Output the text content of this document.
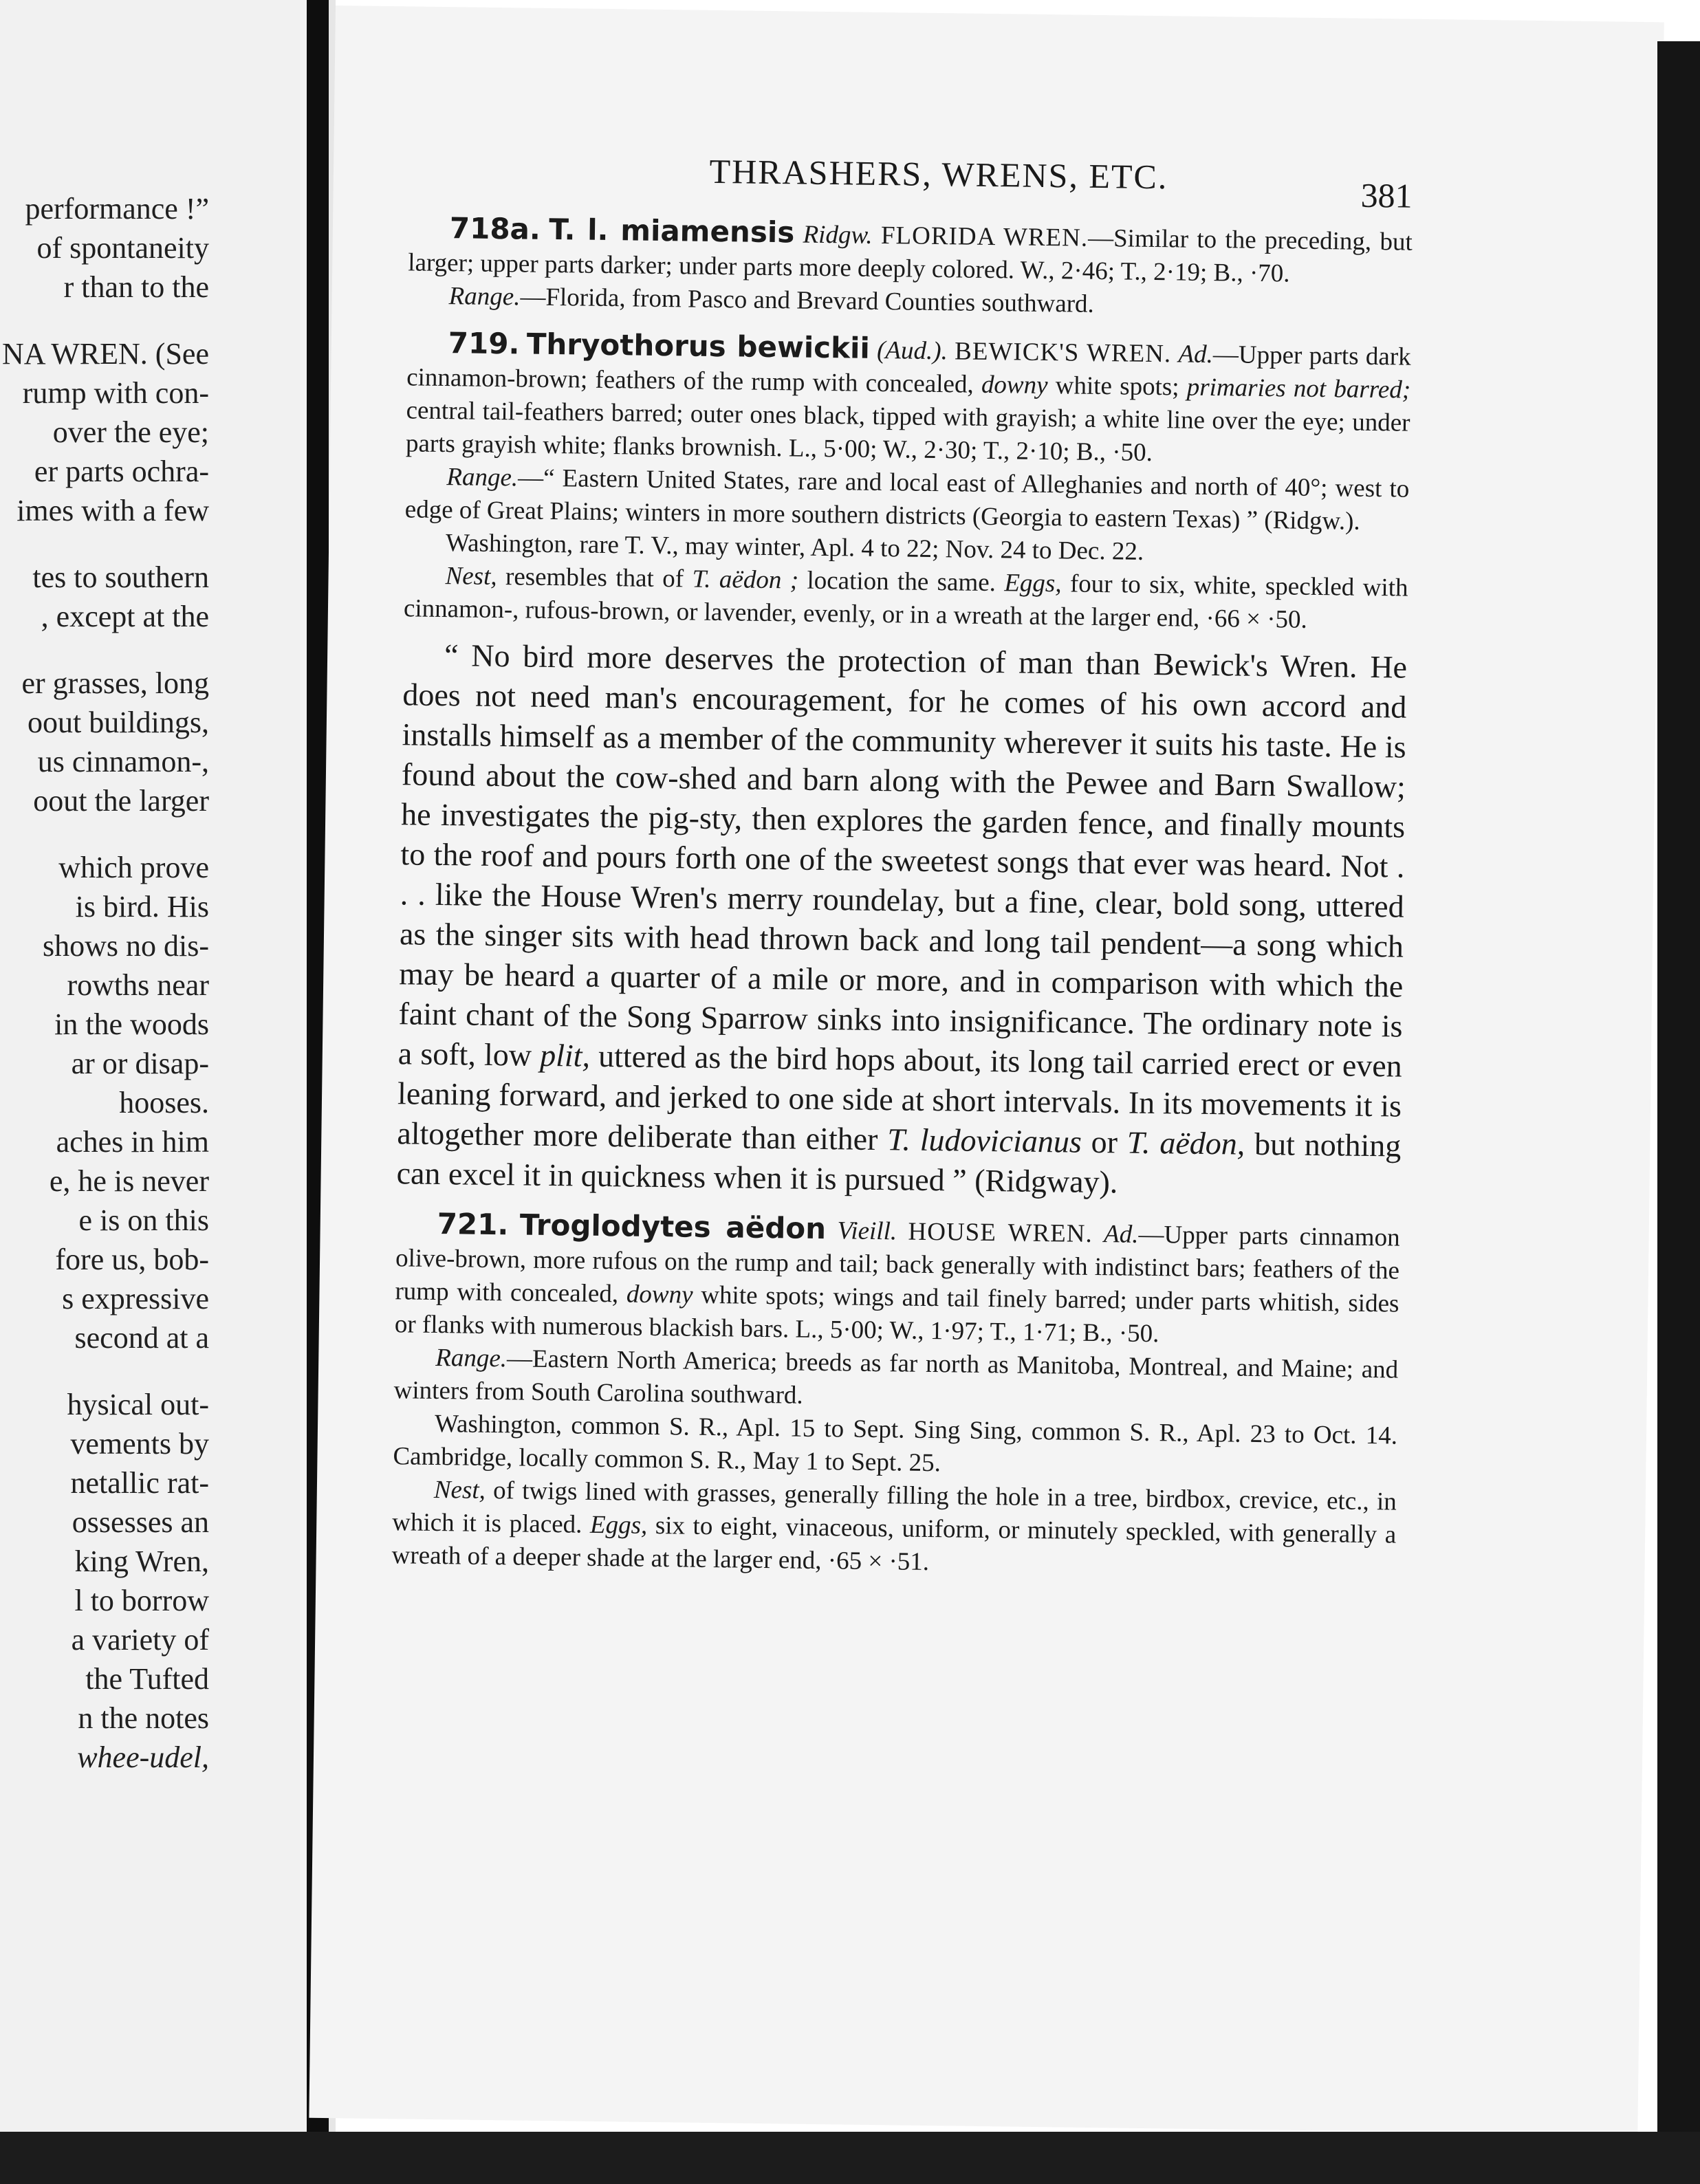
performance !”
of spontaneity
r than to the
NA WREN. (See
rump with con-
over the eye;
er parts ochra-
imes with a few
tes to southern
, except at the
er grasses, long
oout buildings,
us cinnamon-,
oout the larger
which prove
is bird. His
shows no dis-
rowths near
in the woods
ar or disap-
hooses.
aches in him
e, he is never
e is on this
fore us, bob-
s expressive
second at a
hysical out-
vements by
netallic rat-
ossesses an
king Wren,
l to borrow
a variety of
the Tufted
n the notes
whee-udel,
THRASHERS, WRENS, ETC.	381

718a. T. l. miamensis Ridgw. FLORIDA WREN.—Similar to the preceding, but larger; upper parts darker; under parts more deeply colored. W., 2·46; T., 2·19; B., ·70.

Range.—Florida, from Pasco and Brevard Counties southward.

719. Thryothorus bewickii (Aud.). BEWICK'S WREN. Ad.—Upper parts dark cinnamon-brown; feathers of the rump with concealed, downy white spots; primaries not barred; central tail-feathers barred; outer ones black, tipped with grayish; a white line over the eye; under parts grayish white; flanks brownish. L., 5·00; W., 2·30; T., 2·10; B., ·50.

Range.—“ Eastern United States, rare and local east of Alleghanies and north of 40°; west to edge of Great Plains; winters in more southern districts (Georgia to eastern Texas) ” (Ridgw.).

Washington, rare T. V., may winter, Apl. 4 to 22; Nov. 24 to Dec. 22.

Nest, resembles that of T. aëdon ; location the same. Eggs, four to six, white, speckled with cinnamon-, rufous-brown, or lavender, evenly, or in a wreath at the larger end, ·66 × ·50.

“ No bird more deserves the protection of man than Bewick's Wren. He does not need man's encouragement, for he comes of his own accord and installs himself as a member of the community wherever it suits his taste. He is found about the cow-shed and barn along with the Pewee and Barn Swallow; he investigates the pig-sty, then explores the garden fence, and finally mounts to the roof and pours forth one of the sweetest songs that ever was heard. Not . . . like the House Wren's merry roundelay, but a fine, clear, bold song, uttered as the singer sits with head thrown back and long tail pendent—a song which may be heard a quarter of a mile or more, and in comparison with which the faint chant of the Song Sparrow sinks into insignificance. The ordinary note is a soft, low plit, uttered as the bird hops about, its long tail carried erect or even leaning forward, and jerked to one side at short intervals. In its movements it is altogether more deliberate than either T. ludovicianus or T. aëdon, but nothing can excel it in quickness when it is pursued ” (Ridgway).

721. Troglodytes aëdon Vieill. HOUSE WREN. Ad.—Upper parts cinnamon olive-brown, more rufous on the rump and tail; back generally with indistinct bars; feathers of the rump with concealed, downy white spots; wings and tail finely barred; under parts whitish, sides or flanks with numerous blackish bars. L., 5·00; W., 1·97; T., 1·71; B., ·50.

Range.—Eastern North America; breeds as far north as Manitoba, Montreal, and Maine; and winters from South Carolina southward.

Washington, common S. R., Apl. 15 to Sept. Sing Sing, common S. R., Apl. 23 to Oct. 14. Cambridge, locally common S. R., May 1 to Sept. 25.

Nest, of twigs lined with grasses, generally filling the hole in a tree, birdbox, crevice, etc., in which it is placed. Eggs, six to eight, vinaceous, uniform, or minutely speckled, with generally a wreath of a deeper shade at the larger end, ·65 × ·51.
